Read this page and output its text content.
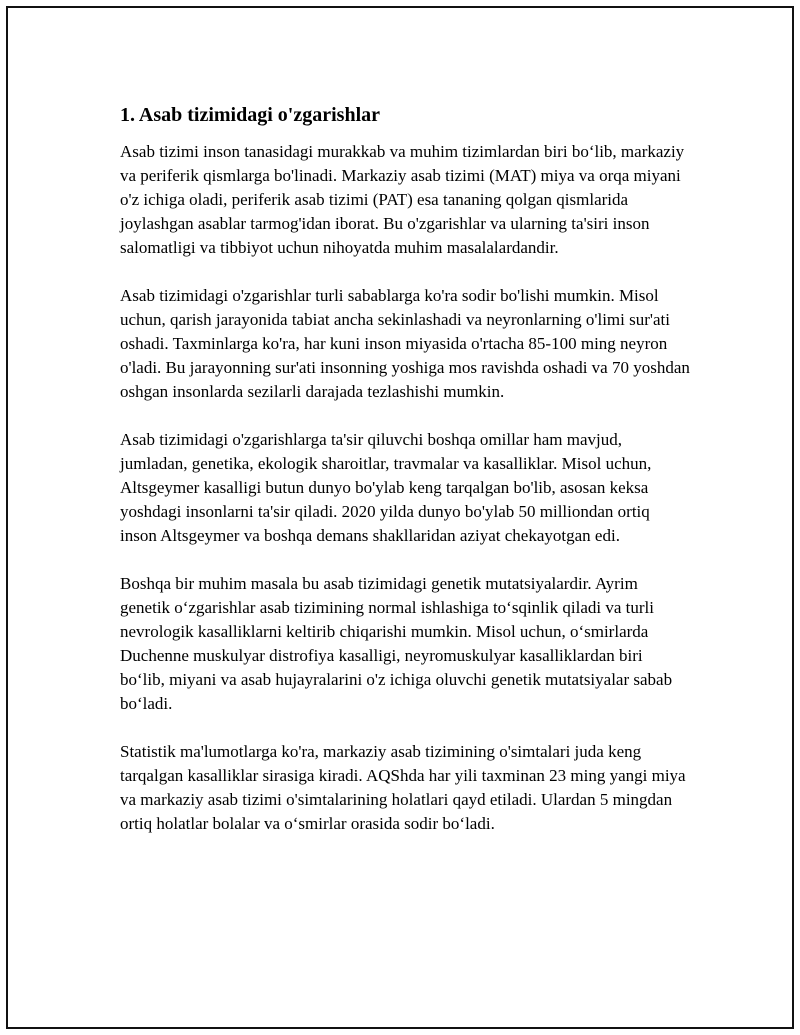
1. Asab tizimidagi o'zgarishlar

Asab tizimi inson tanasidagi murakkab va muhim tizimlardan biri bo‘lib, markaziy va periferik qismlarga bo'linadi. Markaziy asab tizimi (MAT) miya va orqa miyani o'z ichiga oladi, periferik asab tizimi (PAT) esa tananing qolgan qismlarida joylashgan asablar tarmog'idan iborat. Bu o'zgarishlar va ularning ta'siri inson salomatligi va tibbiyot uchun nihoyatda muhim masalalardandir.

Asab tizimidagi o'zgarishlar turli sabablarga ko'ra sodir bo'lishi mumkin. Misol uchun, qarish jarayonida tabiat ancha sekinlashadi va neyronlarning o'limi sur'ati oshadi. Taxminlarga ko'ra, har kuni inson miyasida o'rtacha 85-100 ming neyron o'ladi. Bu jarayonning sur'ati insonning yoshiga mos ravishda oshadi va 70 yoshdan oshgan insonlarda sezilarli darajada tezlashishi mumkin.

Asab tizimidagi o'zgarishlarga ta'sir qiluvchi boshqa omillar ham mavjud, jumladan, genetika, ekologik sharoitlar, travmalar va kasalliklar. Misol uchun, Altsgeymer kasalligi butun dunyo bo'ylab keng tarqalgan bo'lib, asosan keksa yoshdagi insonlarni ta'sir qiladi. 2020 yilda dunyo bo'ylab 50 milliondan ortiq inson Altsgeymer va boshqa demans shakllaridan aziyat chekayotgan edi.

Boshqa bir muhim masala bu asab tizimidagi genetik mutatsiyalardir. Ayrim genetik o‘zgarishlar asab tizimining normal ishlashiga to‘sqinlik qiladi va turli nevrologik kasalliklarni keltirib chiqarishi mumkin. Misol uchun, o‘smirlarda Duchenne muskulyar distrofiya kasalligi, neyromuskulyar kasalliklardan biri bo‘lib, miyani va asab hujayralarini o'z ichiga oluvchi genetik mutatsiyalar sabab bo‘ladi.

Statistik ma'lumotlarga ko'ra, markaziy asab tizimining o'simtalari juda keng tarqalgan kasalliklar sirasiga kiradi. AQShda har yili taxminan 23 ming yangi miya va markaziy asab tizimi o'simtalarining holatlari qayd etiladi. Ulardan 5 mingdan ortiq holatlar bolalar va o‘smirlar orasida sodir bo‘ladi.
